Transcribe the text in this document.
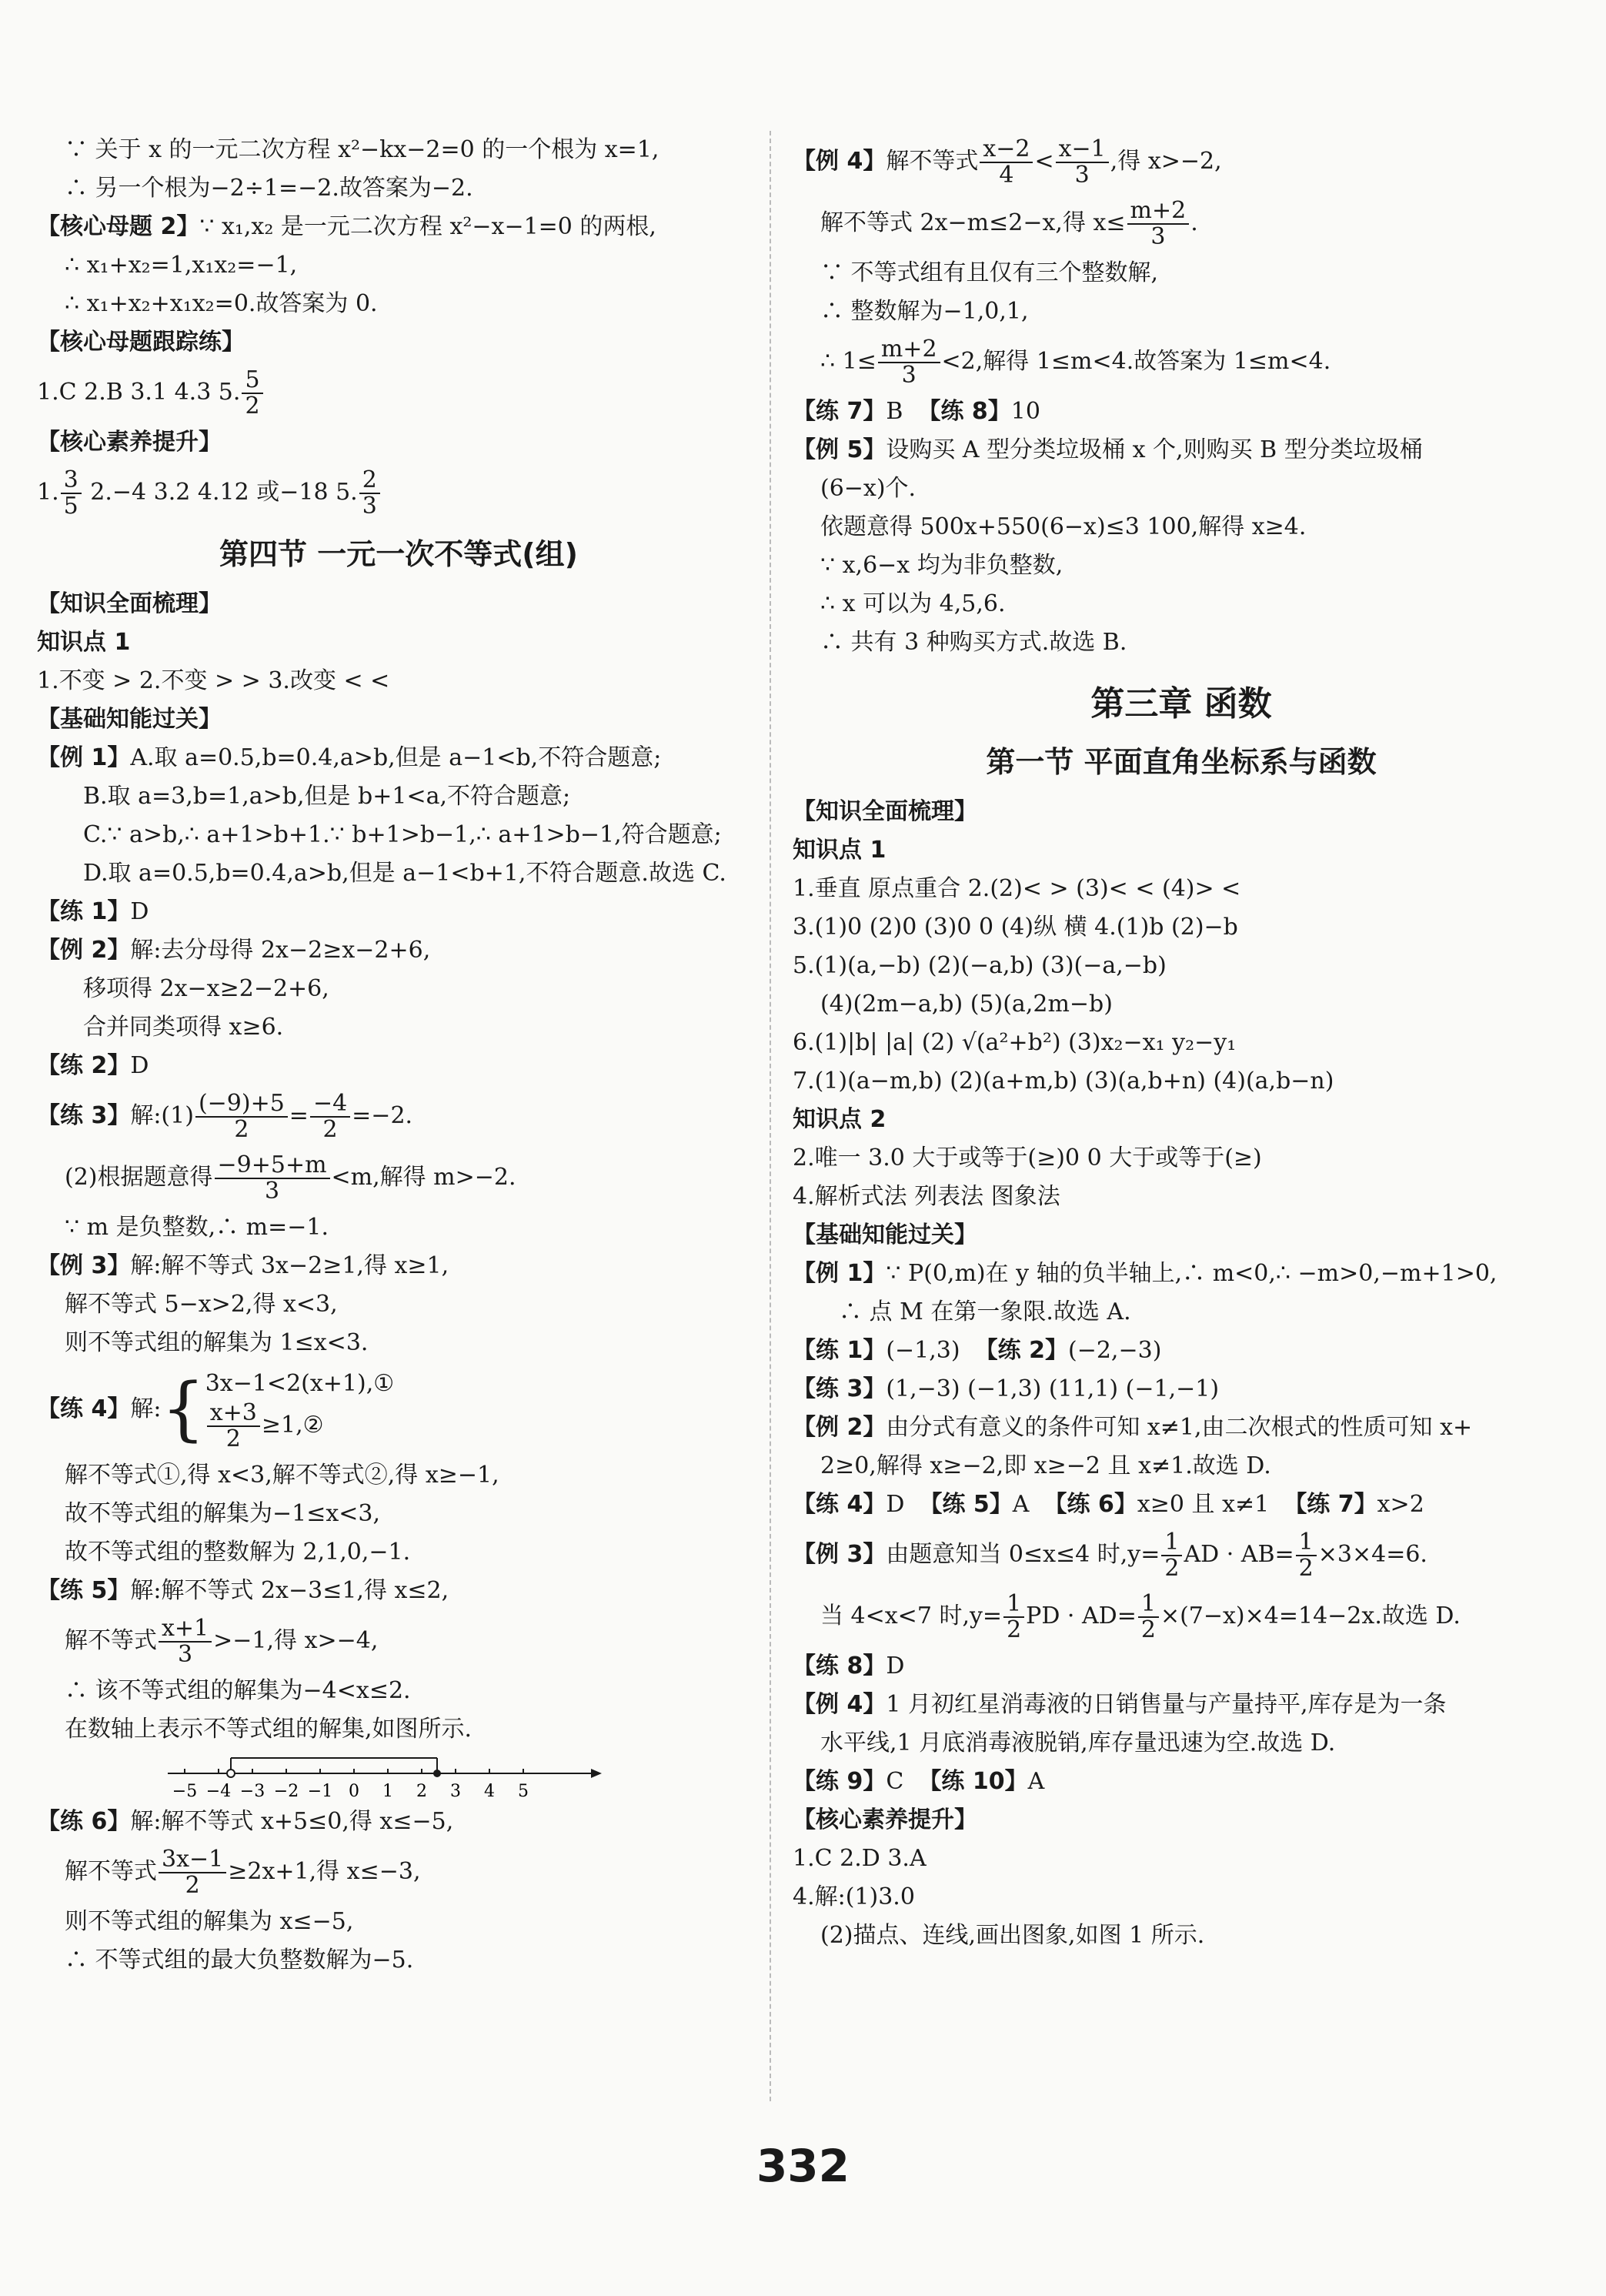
∵ 关于 x 的一元二次方程 x²−kx−2=0 的一个根为 x=1,
∴ 另一个根为−2÷1=−2.故答案为−2.
【核心母题 2】∵ x₁,x₂ 是一元二次方程 x²−x−1=0 的两根,
∴ x₁+x₂=1,x₁x₂=−1,
∴ x₁+x₂+x₁x₂=0.故答案为 0.
【核心母题跟踪练】
1.C 2.B 3.1 4.3 5. $\frac{5}{2}$
【核心素养提升】
1. $\frac{3}{5} 2.-4$ 3.2 4.12 或−18 5. $\frac{2}{3}$
第四节 一元一次不等式(组)
【知识全面梳理】
知识点 1
1.不变 > 2.不变 > > 3.改变 < <
【基础知能过关】
【例 1】A.取 a=0.5,b=0.4,a>b,但是 a−1<b,不符合题意;
B.取 a=3,b=1,a>b,但是 b+1<a,不符合题意;
C.∵ a>b,∴ a+1>b+1.∵ b+1>b−1,∴ a+1>b−1,符合题意;
D.取 a=0.5,b=0.4,a>b,但是 a−1<b+1,不符合题意.故选 C.
【练 1】D
【例 2】解:去分母得 2x−2≥x−2+6,
移项得 2x−x≥2−2+6,
合并同类项得 x≥6.
【练 2】D
【练 3】解:(1) $\frac{(-9)+5}{2} = \frac{-4}{2} =-2$.
(2)根据题意得 $\frac{-9+5+m}{3} <m$,解得 m>−2.
∵ m 是负整数,∴ m=−1.
【例 3】解:解不等式 3x−2≥1,得 x≥1,
解不等式 5−x>2,得 x<3,
则不等式组的解集为 1≤x<3.
【练 4】 解: { 3x−1<2(x+1),①
$\frac{x+3}{2}$ ≥1,②
解不等式①,得 x<3,解不等式②,得 x≥−1,
故不等式组的解集为−1≤x<3,
故不等式组的整数解为 2,1,0,−1.
【练 5】解:解不等式 2x−3≤1,得 x≤2,
解不等式 $\frac{x+1}{3} >-1$,得 x>−4,
∴ 该不等式组的解集为−4<x≤2.
在数轴上表示不等式组的解集,如图所示.
−5 −4 −3 −2 −1 0 1 2 3 4 5
【练 6】解:解不等式 x+5≤0,得 x≤−5,
解不等式 $\frac{3x-1}{2} \ge 2x+1$,得 x≤−3,
则不等式组的解集为 x≤−5,
∴ 不等式组的最大负整数解为−5.
【例 4】解不等式 $\frac{x-2}{4} < \frac{x-1}{3}$ ,得 x>−2,
解不等式 2x−m≤2−x,得 $x\le \frac{m+2}{3}$ .
∵ 不等式组有且仅有三个整数解,
∴ 整数解为−1,0,1,
∴ $1\le \frac{m+2}{3} <2$,解得 1≤m<4.故答案为 1≤m<4.
【练 7】B 【练 8】10
【例 5】设购买 A 型分类垃圾桶 x 个,则购买 B 型分类垃圾桶
(6−x)个.
依题意得 500x+550(6−x)≤3 100,解得 x≥4.
∵ x,6−x 均为非负整数,
∴ x 可以为 4,5,6.
∴ 共有 3 种购买方式.故选 B.
第三章 函数
第一节 平面直角坐标系与函数
【知识全面梳理】
知识点 1
1.垂直 原点重合 2.(2)< > (3)< < (4)> <
3.(1)0 (2)0 (3)0 0 (4)纵 横 4.(1)b (2)−b
5.(1)(a,−b) (2)(−a,b) (3)(−a,−b)
(4)(2m−a,b) (5)(a,2m−b)
6.(1)|b| |a| (2) √(a²+b²) (3)x₂−x₁ y₂−y₁
7.(1)(a−m,b) (2)(a+m,b) (3)(a,b+n) (4)(a,b−n)
知识点 2
2.唯一 3.0 大于或等于(≥)0 0 大于或等于(≥)
4.解析式法 列表法 图象法
【基础知能过关】
【例 1】∵ P(0,m)在 y 轴的负半轴上,∴ m<0,∴ −m>0,−m+1>0,
∴ 点 M 在第一象限.故选 A.
【练 1】(−1,3) 【练 2】(−2,−3)
【练 3】(1,−3) (−1,3) (11,1) (−1,−1)
【例 2】由分式有意义的条件可知 x≠1,由二次根式的性质可知 x+
2≥0,解得 x≥−2,即 x≥−2 且 x≠1.故选 D.
【练 4】D 【练 5】A 【练 6】x≥0 且 x≠1 【练 7】x>2
【例 3】由题意知当 0≤x≤4 时$,y= \frac{1}{2}$ AD · $AB= \frac{1}{2} \times 3\times 4=6$.
当 4<x<7 时$,y= \frac{1}{2}$ PD · $AD= \frac{1}{2} \times(7-x)\times 4=14-2x$.故选 D.
【练 8】D
【例 4】1 月初红星消毒液的日销售量与产量持平,库存是为一条
水平线,1 月底消毒液脱销,库存量迅速为空.故选 D.
【练 9】C 【练 10】A
【核心素养提升】
1.C 2.D 3.A
4.解:(1)3.0
(2)描点、连线,画出图象,如图 1 所示.
332
